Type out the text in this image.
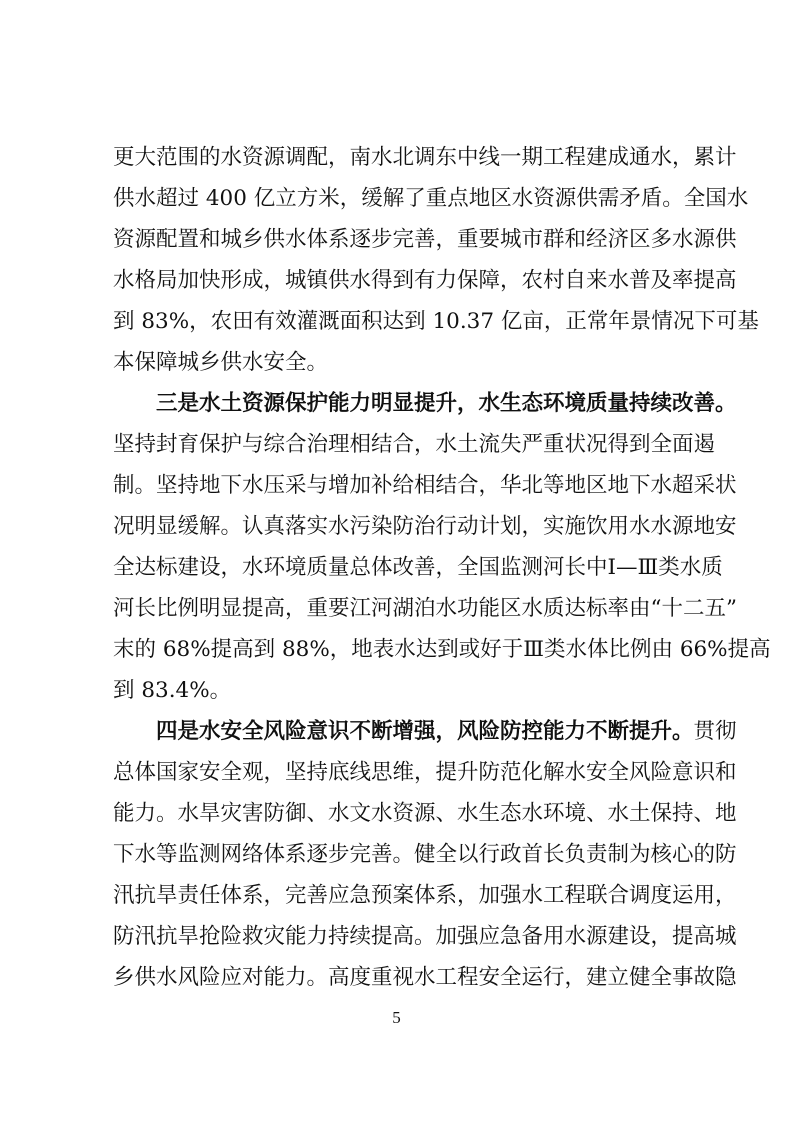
更大范围的水资源调配，南水北调东中线一期工程建成通水，累计
供水超过 400 亿立方米，缓解了重点地区水资源供需矛盾。全国水
资源配置和城乡供水体系逐步完善，重要城市群和经济区多水源供
水格局加快形成，城镇供水得到有力保障，农村自来水普及率提高
到 83%，农田有效灌溉面积达到 10.37 亿亩，正常年景情况下可基
本保障城乡供水安全。
三是水土资源保护能力明显提升，水生态环境质量持续改善。
坚持封育保护与综合治理相结合，水土流失严重状况得到全面遏
制。坚持地下水压采与增加补给相结合，华北等地区地下水超采状
况明显缓解。认真落实水污染防治行动计划，实施饮用水水源地安
全达标建设，水环境质量总体改善，全国监测河长中Ⅰ—Ⅲ类水质
河长比例明显提高，重要江河湖泊水功能区水质达标率由“十二五”
末的 68%提高到 88%，地表水达到或好于Ⅲ类水体比例由 66%提高
到 83.4%。
四是水安全风险意识不断增强，风险防控能力不断提升。贯彻
总体国家安全观，坚持底线思维，提升防范化解水安全风险意识和
能力。水旱灾害防御、水文水资源、水生态水环境、水土保持、地
下水等监测网络体系逐步完善。健全以行政首长负责制为核心的防
汛抗旱责任体系，完善应急预案体系，加强水工程联合调度运用，
5
防汛抗旱抢险救灾能力持续提高。加强应急备用水源建设，提高城
乡供水风险应对能力。高度重视水工程安全运行，建立健全事故隐
